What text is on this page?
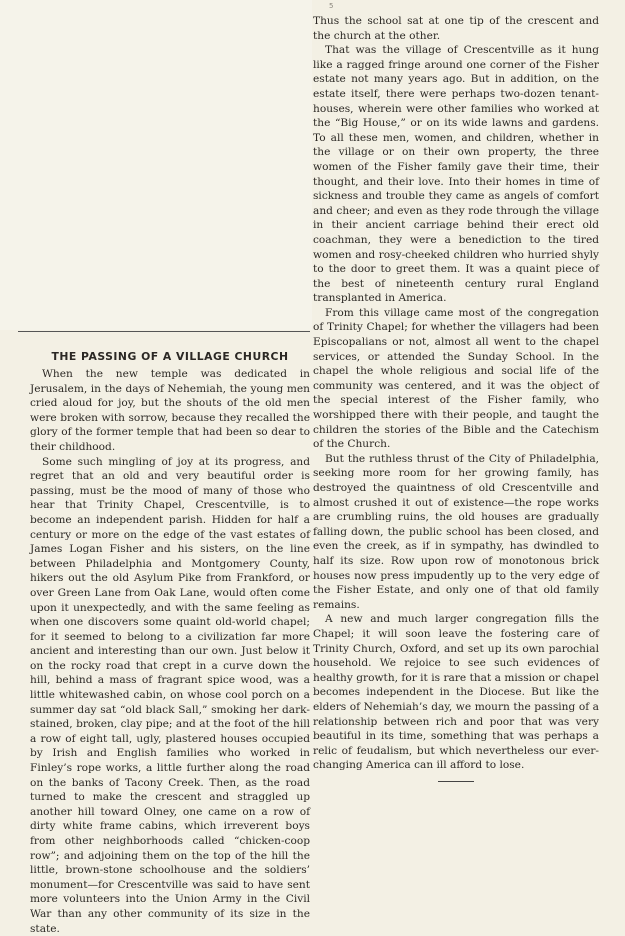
5
THE PASSING OF A VILLAGE CHURCH

When the new temple was dedicated in Jerusalem, in the days of Nehemiah, the young men cried aloud for joy, but the shouts of the old men were broken with sorrow, because they recalled the glory of the former temple that had been so dear to their childhood.

Some such mingling of joy at its progress, and regret that an old and very beautiful order is passing, must be the mood of many of those who hear that Trinity Chapel, Crescentville, is to become an independent parish. Hidden for half a century or more on the edge of the vast estates of James Logan Fisher and his sisters, on the line between Philadelphia and Montgomery County, hikers out the old Asylum Pike from Frankford, or over Green Lane from Oak Lane, would often come upon it unexpectedly, and with the same feeling as when one discovers some quaint old-world chapel; for it seemed to belong to a civilization far more ancient and interesting than our own. Just below it on the rocky road that crept in a curve down the hill, behind a mass of fragrant spice wood, was a little whitewashed cabin, on whose cool porch on a summer day sat “old black Sall,” smoking her dark-stained, broken, clay pipe; and at the foot of the hill a row of eight tall, ugly, plastered houses occupied by Irish and English families who worked in Finley’s rope works, a little further along the road on the banks of Tacony Creek. Then, as the road turned to make the crescent and straggled up another hill toward Olney, one came on a row of dirty white frame cabins, which irreverent boys from other neighborhoods called “chicken-coop row”; and adjoining them on the top of the hill the little, brown-stone schoolhouse and the soldiers’ monument—for Crescentville was said to have sent more volunteers into the Union Army in the Civil War than any other community of its size in the state.

Thus the school sat at one tip of the crescent and the church at the other.

That was the village of Crescentville as it hung like a ragged fringe around one corner of the Fisher estate not many years ago. But in addition, on the estate itself, there were perhaps two-dozen tenant-houses, wherein were other families who worked at the “Big House,” or on its wide lawns and gardens. To all these men, women, and children, whether in the village or on their own property, the three women of the Fisher family gave their time, their thought, and their love. Into their homes in time of sickness and trouble they came as angels of comfort and cheer; and even as they rode through the village in their ancient carriage behind their erect old coachman, they were a benediction to the tired women and rosy-cheeked children who hurried shyly to the door to greet them. It was a quaint piece of the best of nineteenth century rural England transplanted in America.

From this village came most of the congregation of Trinity Chapel; for whether the villagers had been Episcopalians or not, almost all went to the chapel services, or attended the Sunday School. In the chapel the whole religious and social life of the community was centered, and it was the object of the special interest of the Fisher family, who worshipped there with their people, and taught the children the stories of the Bible and the Catechism of the Church.

But the ruthless thrust of the City of Philadelphia, seeking more room for her growing family, has destroyed the quaintness of old Crescentville and almost crushed it out of existence—the rope works are crumbling ruins, the old houses are gradually falling down, the public school has been closed, and even the creek, as if in sympathy, has dwindled to half its size. Row upon row of monotonous brick houses now press impudently up to the very edge of the Fisher Estate, and only one of that old family remains.

A new and much larger congregation fills the Chapel; it will soon leave the fostering care of Trinity Church, Oxford, and set up its own parochial household. We rejoice to see such evidences of healthy growth, for it is rare that a mission or chapel becomes independent in the Diocese. But like the elders of Nehemiah’s day, we mourn the passing of a relationship between rich and poor that was very beautiful in its time, something that was perhaps a relic of feudalism, but which nevertheless our ever-changing America can ill afford to lose.
